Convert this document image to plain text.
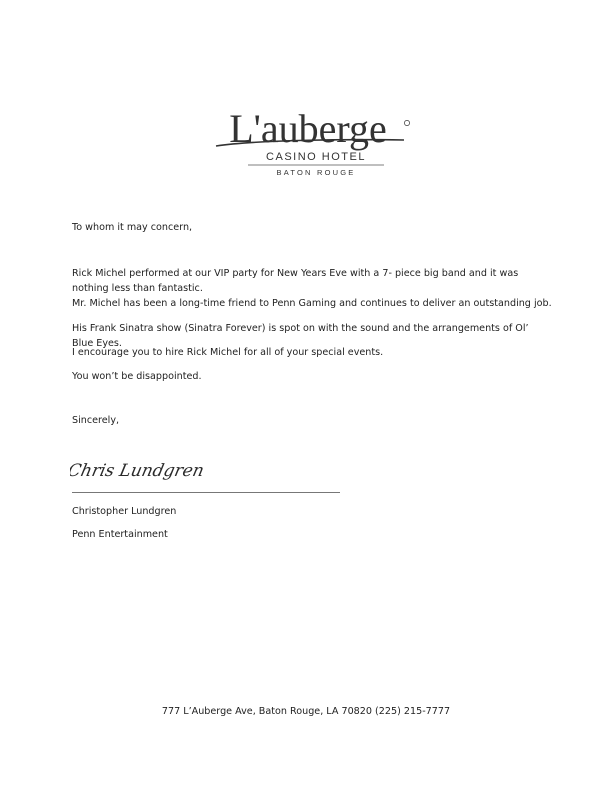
L'auberge
CASINO HOTEL
BATON ROUGE
To whom it may concern,
Rick Michel performed at our VIP party for New Years Eve with a 7- piece big band and it was nothing less than fantastic.
Mr. Michel has been a long-time friend to Penn Gaming and continues to deliver an outstanding job.
His Frank Sinatra show (Sinatra Forever) is spot on with the sound and the arrangements of Ol’ Blue Eyes.
I encourage you to hire Rick Michel for all of your special events.
You won’t be disappointed.
Sincerely,
Chris Lundgren
Christopher Lundgren
Penn Entertainment
777 L’Auberge Ave, Baton Rouge, LA 70820 (225) 215-7777
